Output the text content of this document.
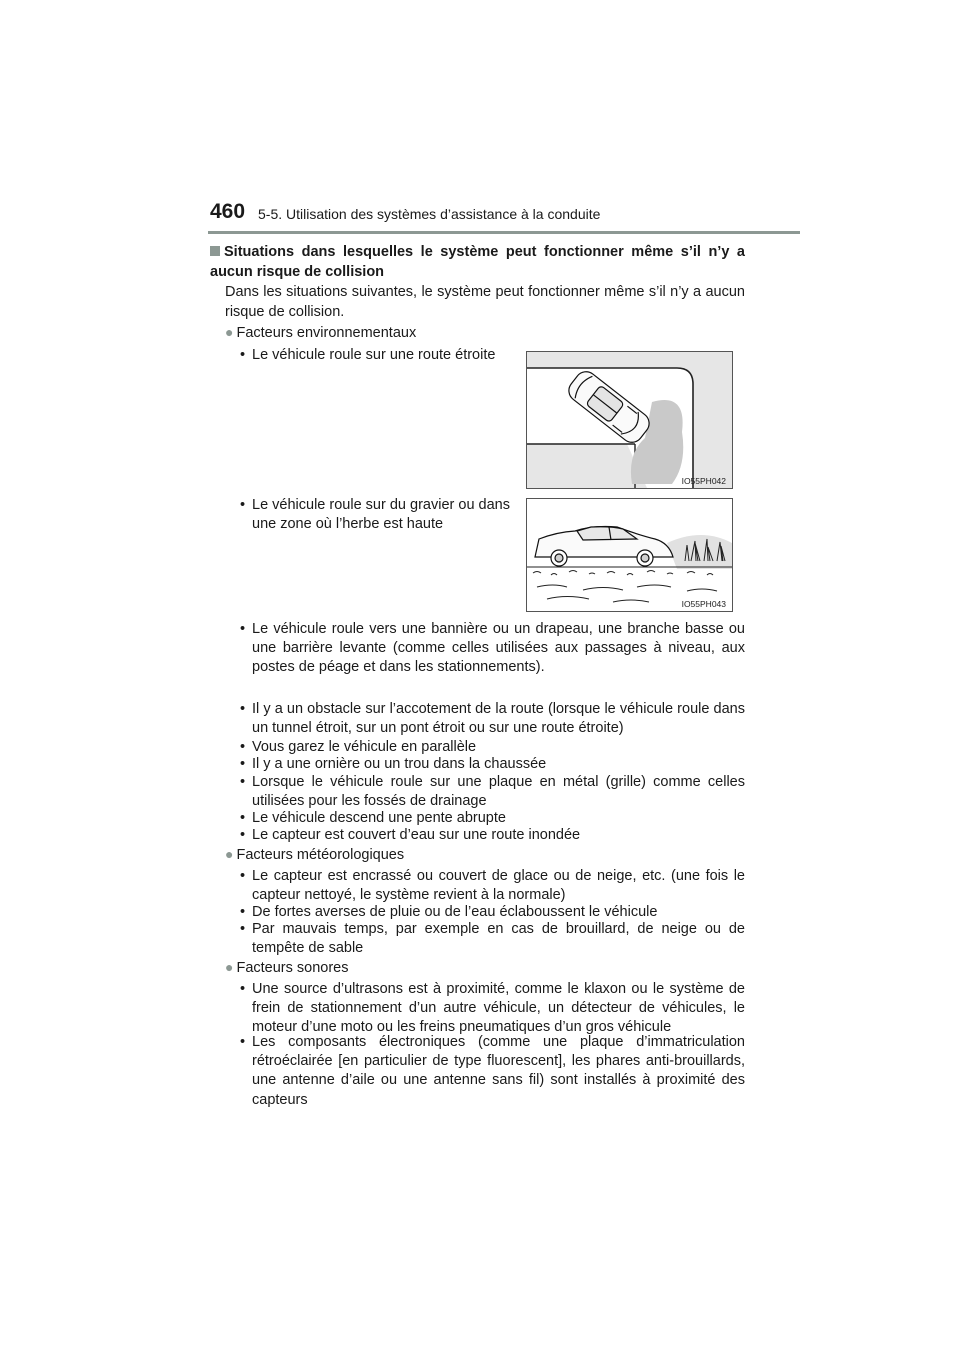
460 5-5. Utilisation des systèmes d’assistance à la conduite
Situations dans lesquelles le système peut fonctionner même s’il n’y a aucun risque de collision
Dans les situations suivantes, le système peut fonctionner même s’il n’y a aucun risque de collision.
● Facteurs environnementaux
• Le véhicule roule sur une route étroite
IO55PH042
• Le véhicule roule sur du gravier ou dans une zone où l’herbe est haute
IO55PH043
• Le véhicule roule vers une bannière ou un drapeau, une branche basse ou une barrière levante (comme celles utilisées aux passages à niveau, aux postes de péage et dans les stationnements).
• Il y a un obstacle sur l’accotement de la route (lorsque le véhicule roule dans un tunnel étroit, sur un pont étroit ou sur une route étroite)
• Vous garez le véhicule en parallèle
• Il y a une ornière ou un trou dans la chaussée
• Lorsque le véhicule roule sur une plaque en métal (grille) comme celles utilisées pour les fossés de drainage
• Le véhicule descend une pente abrupte
• Le capteur est couvert d’eau sur une route inondée
● Facteurs météorologiques
• Le capteur est encrassé ou couvert de glace ou de neige, etc. (une fois le capteur nettoyé, le système revient à la normale)
• De fortes averses de pluie ou de l’eau éclaboussent le véhicule
• Par mauvais temps, par exemple en cas de brouillard, de neige ou de tempête de sable
● Facteurs sonores
• Une source d’ultrasons est à proximité, comme le klaxon ou le système de frein de stationnement d’un autre véhicule, un détecteur de véhicules, le moteur d’une moto ou les freins pneumatiques d’un gros véhicule
• Les composants électroniques (comme une plaque d’immatriculation rétroéclairée [en particulier de type fluorescent], les phares anti-brouillards, une antenne d’aile ou une antenne sans fil) sont installés à proximité des capteurs
